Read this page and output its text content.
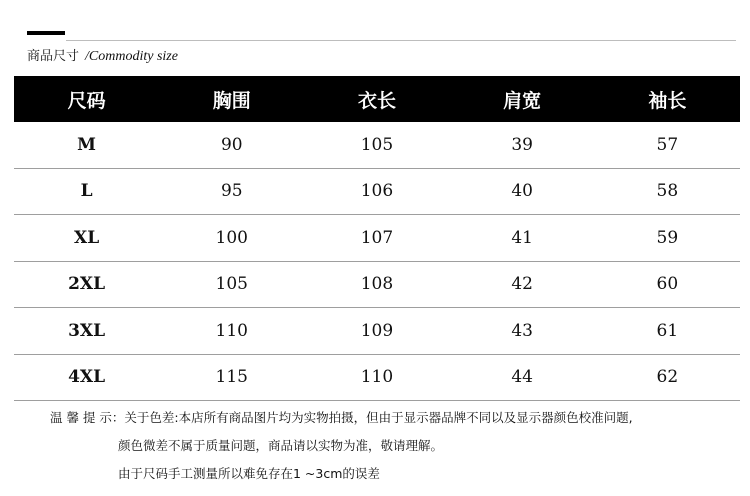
商品尺寸 /Commodity size
尺码	胸围	衣长	肩宽	袖长
M	90	105	39	57
L	95	106	40	58
XL	100	107	41	59
2XL	105	108	42	60
3XL	110	109	43	61
4XL	115	110	44	62

温 馨 提 示：关于色差:本店所有商品图片均为实物拍摄，但由于显示器品牌不同以及显示器颜色校准问题,

颜色微差不属于质量问题，商品请以实物为准，敬请理解。

由于尺码手工测量所以难免存在1 ~3cm的误差
